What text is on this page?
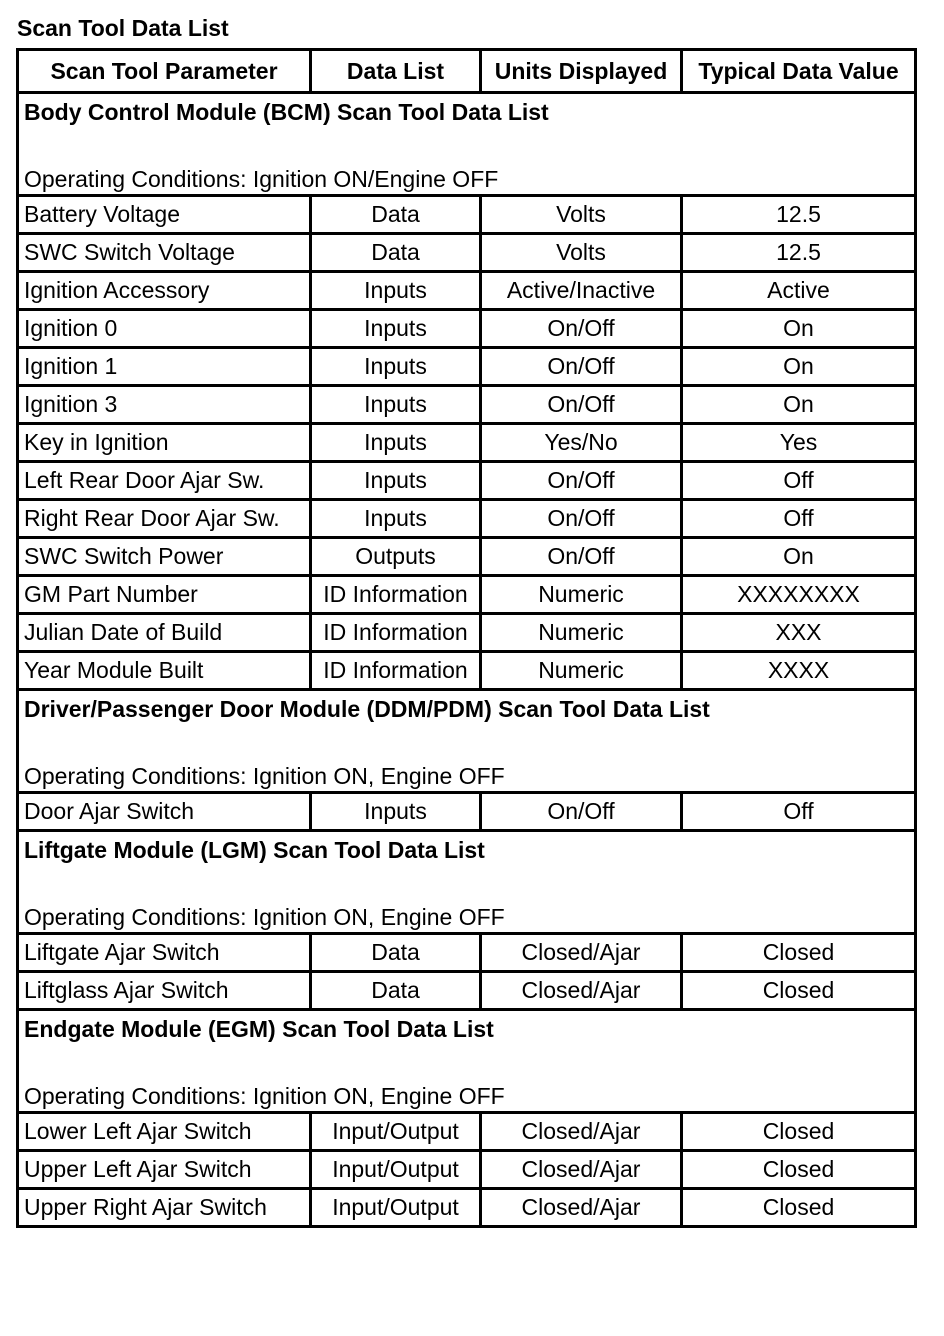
Scan Tool Data List
Scan Tool Parameter	Data List	Units Displayed	Typical Data Value

Body Control Module (BCM) Scan Tool Data List
Operating Conditions: Ignition ON/Engine OFF			

Battery Voltage	Data	Volts	12.5
SWC Switch Voltage	Data	Volts	12.5
Ignition Accessory	Inputs	Active/Inactive	Active
Ignition 0	Inputs	On/Off	On
Ignition 1	Inputs	On/Off	On
Ignition 3	Inputs	On/Off	On
Key in Ignition	Inputs	Yes/No	Yes
Left Rear Door Ajar Sw.	Inputs	On/Off	Off
Right Rear Door Ajar Sw.	Inputs	On/Off	Off
SWC Switch Power	Outputs	On/Off	On
GM Part Number	ID Information	Numeric	XXXXXXXX
Julian Date of Build	ID Information	Numeric	XXX
Year Module Built	ID Information	Numeric	XXXX

Driver/Passenger Door Module (DDM/PDM) Scan Tool Data List
Operating Conditions: Ignition ON, Engine OFF			

Door Ajar Switch	Inputs	On/Off	Off

Liftgate Module (LGM) Scan Tool Data List
Operating Conditions: Ignition ON, Engine OFF			

Liftgate Ajar Switch	Data	Closed/Ajar	Closed
Liftglass Ajar Switch	Data	Closed/Ajar	Closed

Endgate Module (EGM) Scan Tool Data List
Operating Conditions: Ignition ON, Engine OFF			

Lower Left Ajar Switch	Input/Output	Closed/Ajar	Closed
Upper Left Ajar Switch	Input/Output	Closed/Ajar	Closed
Upper Right Ajar Switch	Input/Output	Closed/Ajar	Closed
